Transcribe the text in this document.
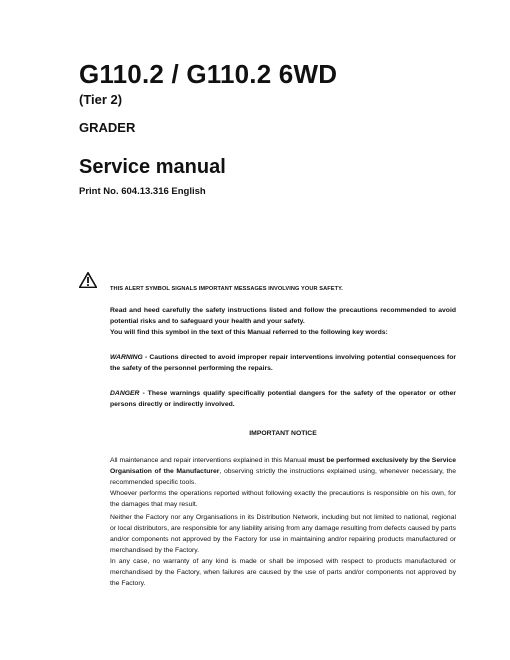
G110.2 / G110.2 6WD
(Tier 2)
GRADER
Service manual
Print No. 604.13.316 English
THIS ALERT SYMBOL SIGNALS IMPORTANT MESSAGES INVOLVING YOUR SAFETY.
Read and heed carefully the safety instructions listed and follow the precautions recommended to avoid potential risks and to safeguard your health and your safety.
You will find this symbol in the text of this Manual referred to the following key words:
WARNING - Cautions directed to avoid improper repair interventions involving potential consequences for the safety of the personnel performing the repairs.
DANGER - These warnings qualify specifically potential dangers for the safety of the operator or other persons directly or indirectly involved.
IMPORTANT NOTICE
All maintenance and repair interventions explained in this Manual must be performed exclusively by the Service Organisation of the Manufacturer, observing strictly the instructions explained using, whenever necessary, the recommended specific tools.
Whoever performs the operations reported without following exactly the precautions is responsible on his own, for the damages that may result.
Neither the Factory nor any Organisations in its Distribution Network, including but not limited to national, regional or local distributors, are responsible for any liability arising from any damage resulting from defects caused by parts and/or components not approved by the Factory for use in maintaining and/or repairing products manufactured or merchandised by the Factory.
In any case, no warranty of any kind is made or shall be imposed with respect to products manufactured or merchandised by the Factory, when failures are caused by the use of parts and/or components not approved by the Factory.
